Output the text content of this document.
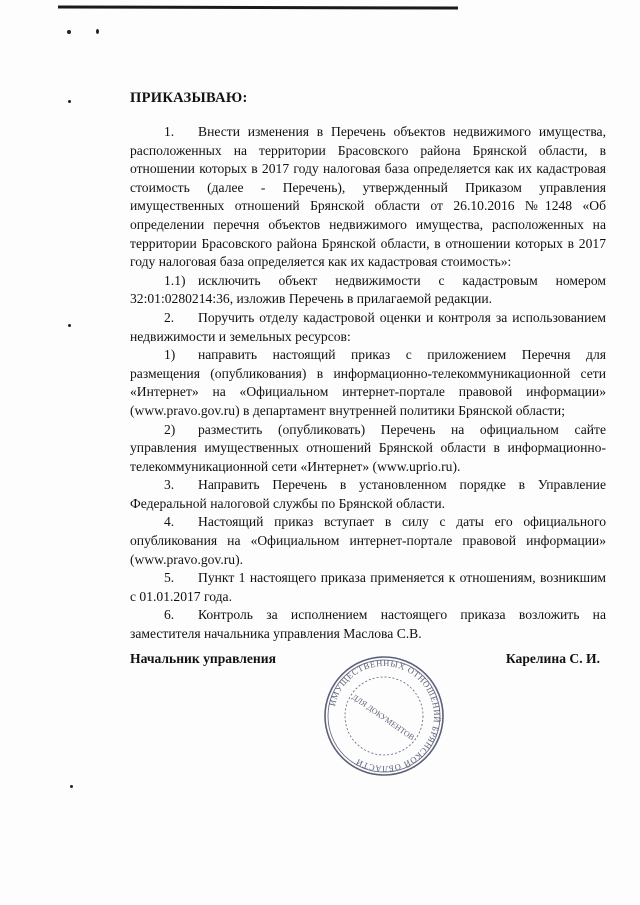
ПРИКАЗЫВАЮ:

1. Внести изменения в Перечень объектов недвижимого имущества, расположенных на территории Брасовского района Брянской области, в отношении которых в 2017 году налоговая база определяется как их кадастровая стоимость (далее - Перечень), утвержденный Приказом управления имущественных отношений Брянской области от 26.10.2016 №1248 «Об определении перечня объектов недвижимого имущества, расположенных на территории Брасовского района Брянской области, в отношении которых в 2017 году налоговая база определяется как их кадастровая стоимость»:

1.1) исключить объект недвижимости с кадастровым номером 32:01:0280214:36, изложив Перечень в прилагаемой редакции.

2. Поручить отделу кадастровой оценки и контроля за использованием недвижимости и земельных ресурсов:

1) направить настоящий приказ с приложением Перечня для размещения (опубликования) в информационно-телекоммуникационной сети «Интернет» на «Официальном интернет-портале правовой информации» (www.pravo.gov.ru) в департамент внутренней политики Брянской области;

2) разместить (опубликовать) Перечень на официальном сайте управления имущественных отношений Брянской области в информационно-телекоммуникационной сети «Интернет» (www.uprio.ru).

3. Направить Перечень в установленном порядке в Управление Федеральной налоговой службы по Брянской области.

4. Настоящий приказ вступает в силу с даты его официального опубликования на «Официальном интернет-портале правовой информации» (www.pravo.gov.ru).

5. Пункт 1 настоящего приказа применяется к отношениям, возникшим с 01.01.2017 года.

6. Контроль за исполнением настоящего приказа возложить на заместителя начальника управления Маслова С.В.

Начальник управления	Карелина С. И.
ИМУЩЕСТВЕННЫХ ОТНОШЕНИЙ БРЯНСКОЙ ОБЛАСТИ
ДЛЯ ДОКУМЕНТОВ
